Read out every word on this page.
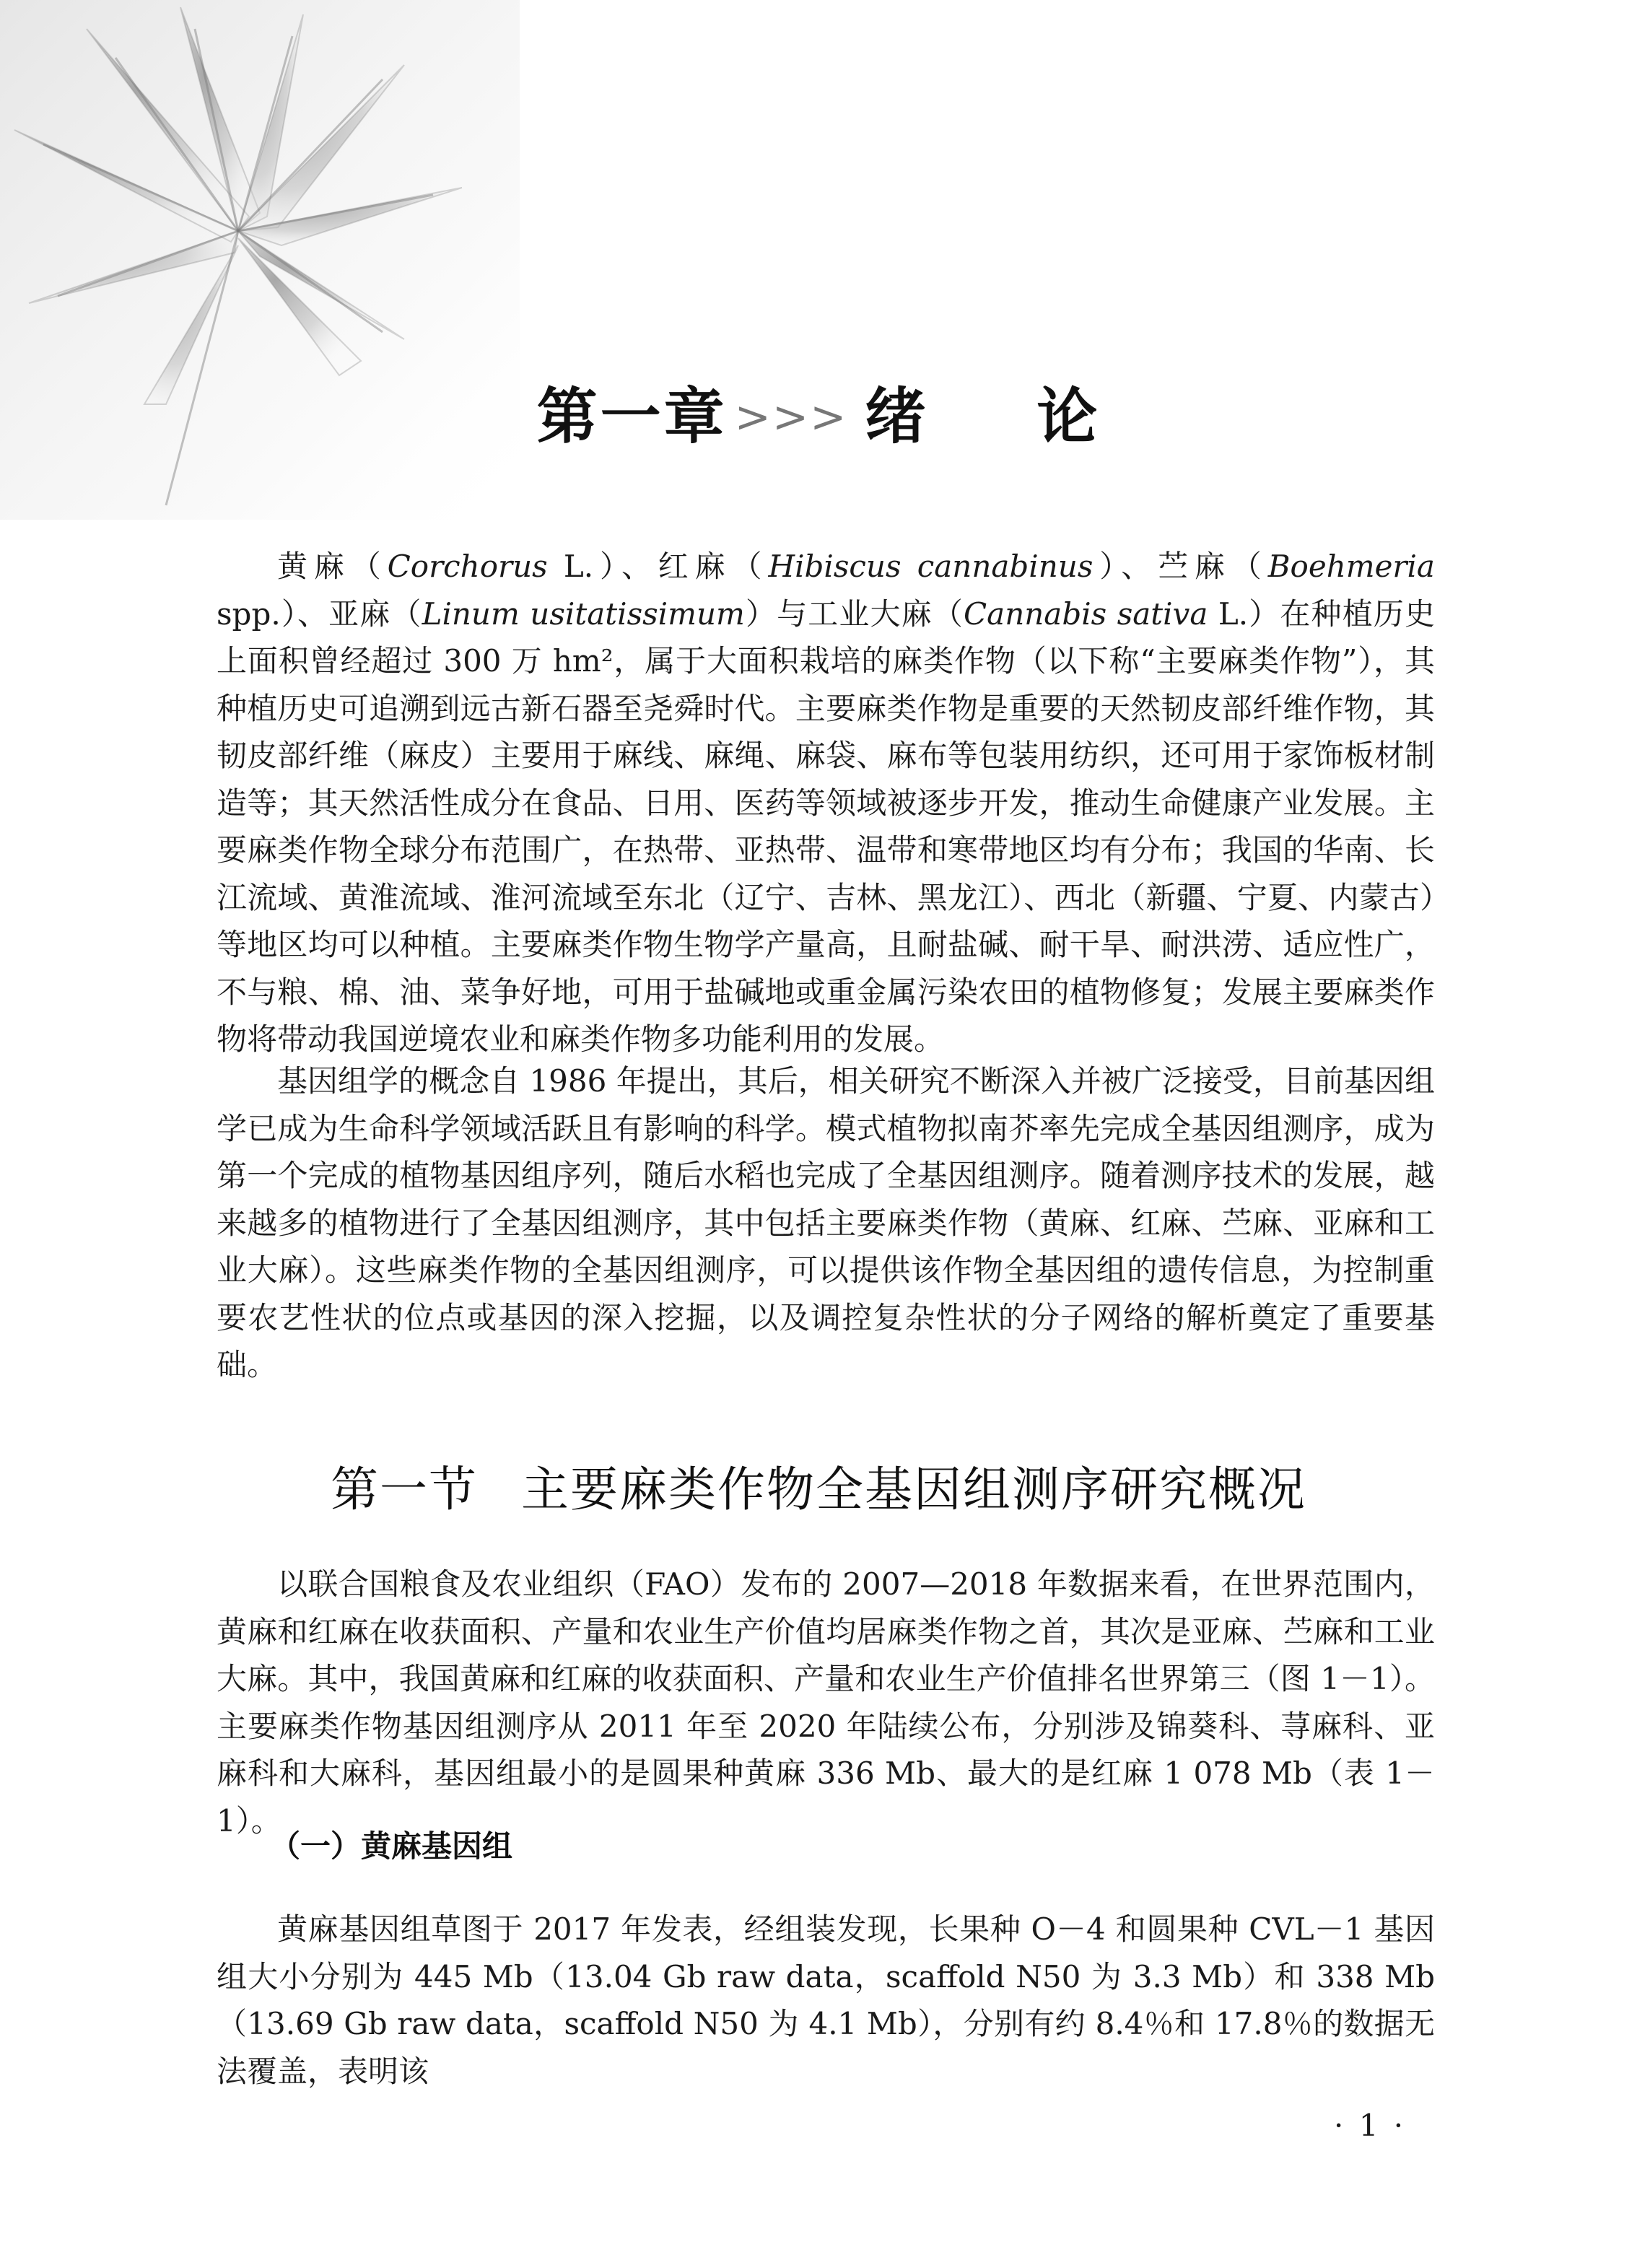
第一章 >>> 绪 论

黄麻（Corchorus L.）、红麻（Hibiscus cannabinus）、苎麻（Boehmeria spp.）、亚麻（Linum usitatissimum）与工业大麻（Cannabis sativa L.）在种植历史上面积曾经超过 300 万 hm²，属于大面积栽培的麻类作物（以下称“主要麻类作物”），其种植历史可追溯到远古新石器至尧舜时代。主要麻类作物是重要的天然韧皮部纤维作物，其韧皮部纤维（麻皮）主要用于麻线、麻绳、麻袋、麻布等包装用纺织，还可用于家饰板材制造等；其天然活性成分在食品、日用、医药等领域被逐步开发，推动生命健康产业发展。主要麻类作物全球分布范围广，在热带、亚热带、温带和寒带地区均有分布；我国的华南、长江流域、黄淮流域、淮河流域至东北（辽宁、吉林、黑龙江）、西北（新疆、宁夏、内蒙古）等地区均可以种植。主要麻类作物生物学产量高，且耐盐碱、耐干旱、耐洪涝、适应性广，不与粮、棉、油、菜争好地，可用于盐碱地或重金属污染农田的植物修复；发展主要麻类作物将带动我国逆境农业和麻类作物多功能利用的发展。

基因组学的概念自 1986 年提出，其后，相关研究不断深入并被广泛接受，目前基因组学已成为生命科学领域活跃且有影响的科学。模式植物拟南芥率先完成全基因组测序，成为第一个完成的植物基因组序列，随后水稻也完成了全基因组测序。随着测序技术的发展，越来越多的植物进行了全基因组测序，其中包括主要麻类作物（黄麻、红麻、苎麻、亚麻和工业大麻）。这些麻类作物的全基因组测序，可以提供该作物全基因组的遗传信息，为控制重要农艺性状的位点或基因的深入挖掘，以及调控复杂性状的分子网络的解析奠定了重要基础。

第一节 主要麻类作物全基因组测序研究概况

以联合国粮食及农业组织（FAO）发布的 2007—2018 年数据来看，在世界范围内，黄麻和红麻在收获面积、产量和农业生产价值均居麻类作物之首，其次是亚麻、苎麻和工业大麻。其中，我国黄麻和红麻的收获面积、产量和农业生产价值排名世界第三（图 1－1）。主要麻类作物基因组测序从 2011 年至 2020 年陆续公布，分别涉及锦葵科、荨麻科、亚麻科和大麻科，基因组最小的是圆果种黄麻 336 Mb、最大的是红麻 1 078 Mb（表 1－1）。

（一）黄麻基因组

黄麻基因组草图于 2017 年发表，经组装发现，长果种 O－4 和圆果种 CVL－1 基因组大小分别为 445 Mb（13.04 Gb raw data，scaffold N50 为 3.3 Mb）和 338 Mb（13.69 Gb raw data，scaffold N50 为 4.1 Mb），分别有约 8.4％和 17.8％的数据无法覆盖，表明该

· 1 ·
